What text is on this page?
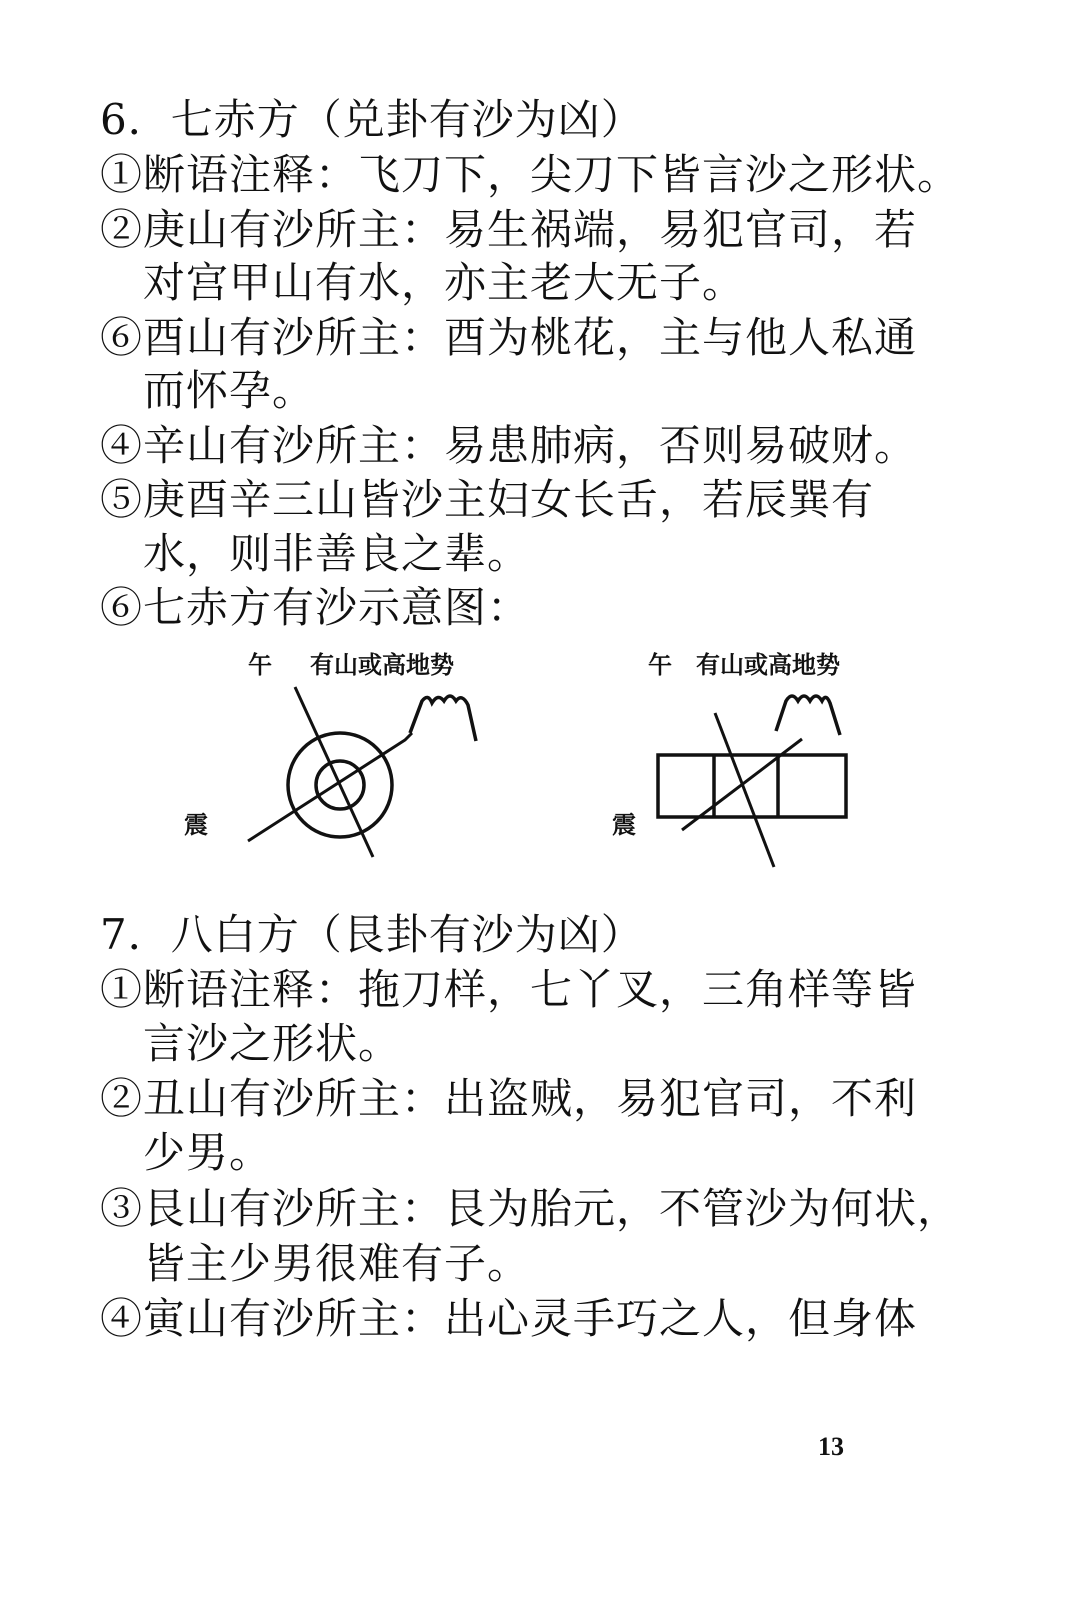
6．七赤方（兑卦有沙为凶）
①断语注释：飞刀下，尖刀下皆言沙之形状。
②庚山有沙所主：易生祸端，易犯官司，若
对宫甲山有水，亦主老大无子。
⑥酉山有沙所主：酉为桃花，主与他人私通
而怀孕。
④辛山有沙所主：易患肺病，否则易破财。
⑤庚酉辛三山皆沙主妇女长舌，若辰巽有
水，则非善良之辈。
⑥七赤方有沙示意图：
午 有山或高地势
震
午 有山或高地势
震
7．八白方（艮卦有沙为凶）
①断语注释：拖刀样，七丫叉，三角样等皆
言沙之形状。
②丑山有沙所主：出盗贼，易犯官司，不利
少男。
③艮山有沙所主：艮为胎元，不管沙为何状，
皆主少男很难有子。
④寅山有沙所主：出心灵手巧之人，但身体
13
